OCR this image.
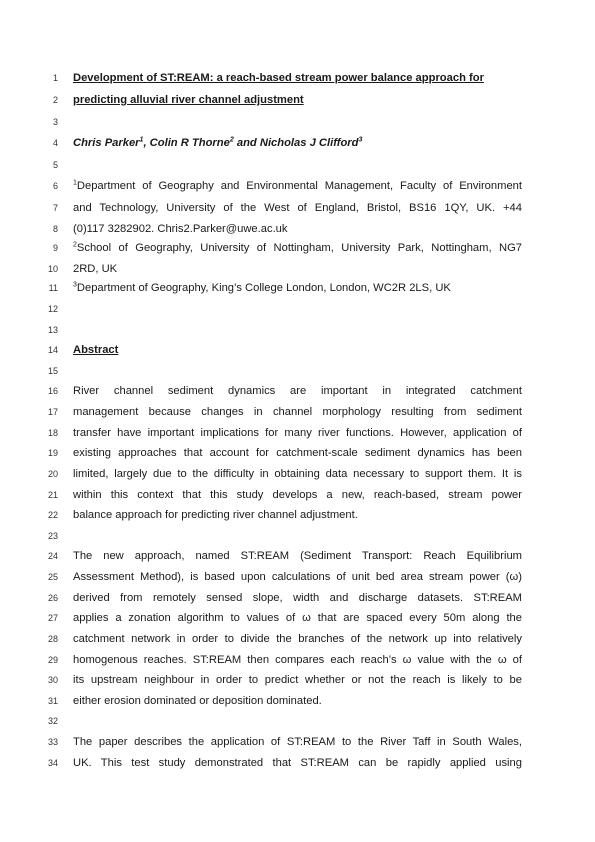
1 Development of ST:REAM: a reach-based stream power balance approach for
2 predicting alluvial river channel adjustment
3
4 Chris Parker$^1$, Colin R Thorne$^2$ and Nicholas J Clifford$^3$
5
6 $^1$Department of Geography and Environmental Management, Faculty of Environment
7 and Technology, University of the West of England, Bristol, BS16 1QY, UK. +44
8 (0)117 3282902. Chris2.Parker@uwe.ac.uk
9 $^2$School of Geography, University of Nottingham, University Park, Nottingham, NG7
10 2RD, UK
11 $^3$Department of Geography, King’s College London, London, WC2R 2LS, UK
12
13
14 Abstract
15
16 River channel sediment dynamics are important in integrated catchment
17 management because changes in channel morphology resulting from sediment
18 transfer have important implications for many river functions. However, application of
19 existing approaches that account for catchment-scale sediment dynamics has been
20 limited, largely due to the difficulty in obtaining data necessary to support them. It is
21 within this context that this study develops a new, reach-based, stream power
22 balance approach for predicting river channel adjustment.
23
24 The new approach, named ST:REAM (Sediment Transport: Reach Equilibrium
25 Assessment Method), is based upon calculations of unit bed area stream power (ω)
26 derived from remotely sensed slope, width and discharge datasets. ST:REAM
27 applies a zonation algorithm to values of ω that are spaced every 50m along the
28 catchment network in order to divide the branches of the network up into relatively
29 homogenous reaches. ST:REAM then compares each reach’s ω value with the ω of
30 its upstream neighbour in order to predict whether or not the reach is likely to be
31 either erosion dominated or deposition dominated.
32
33 The paper describes the application of ST:REAM to the River Taff in South Wales,
34 UK. This test study demonstrated that ST:REAM can be rapidly applied using
